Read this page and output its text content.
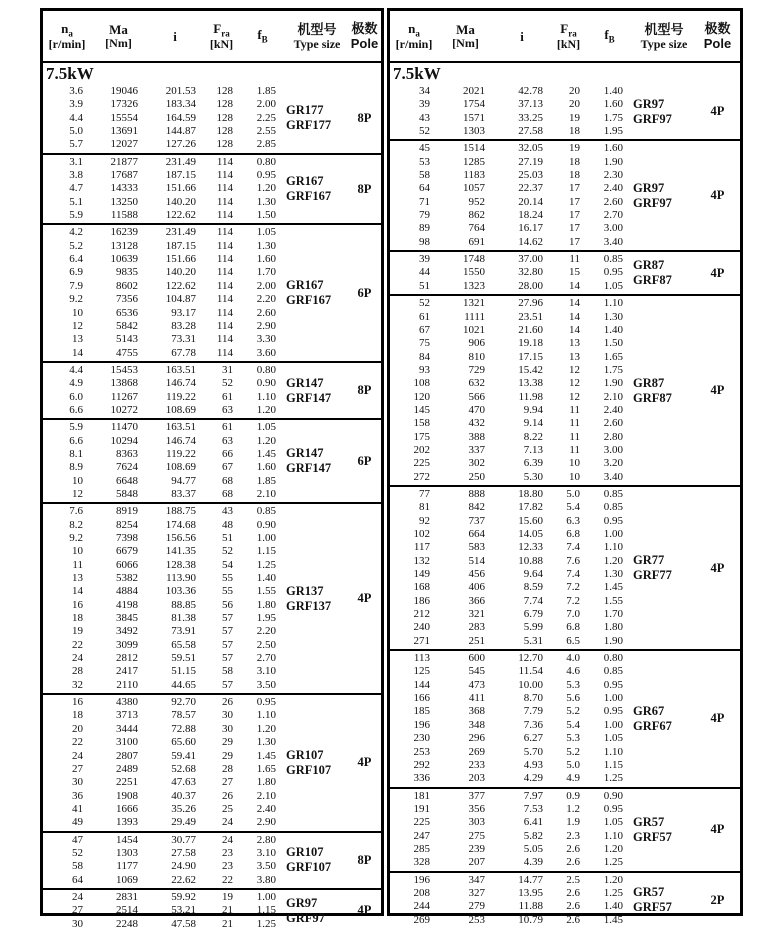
$n_a$
[r/min]
Ma
[Nm]	i
$F_{ra}$
[kN]
$f_B$
机型号
Type size
极数
Pole
7.5kW
3.6	19046	201.53	128	1.85
3.9	17326	183.34	128	2.00
4.4	15554	164.59	128	2.25
5.0	13691	144.87	128	2.55
5.7	12027	127.26	128	2.85
GR177
GRF177
8P
3.1	21877	231.49	114	0.80
3.8	17687	187.15	114	0.95
4.7	14333	151.66	114	1.20
5.1	13250	140.20	114	1.30
5.9	11588	122.62	114	1.50
GR167
GRF167
8P
4.2	16239	231.49	114	1.05
5.2	13128	187.15	114	1.30
6.4	10639	151.66	114	1.60
6.9	9835	140.20	114	1.70
7.9	8602	122.62	114	2.00
9.2	7356	104.87	114	2.20
10	6536	93.17	114	2.60
12	5842	83.28	114	2.90
13	5143	73.31	114	3.30
14	4755	67.78	114	3.60
GR167
GRF167
6P
4.4	15453	163.51	31	0.80
4.9	13868	146.74	52	0.90
6.0	11267	119.22	61	1.10
6.6	10272	108.69	63	1.20
GR147
GRF147
8P
5.9	11470	163.51	61	1.05
6.6	10294	146.74	63	1.20
8.1	8363	119.22	66	1.45
8.9	7624	108.69	67	1.60
10	6648	94.77	68	1.85
12	5848	83.37	68	2.10
GR147
GRF147
6P
7.6	8919	188.75	43	0.85
8.2	8254	174.68	48	0.90
9.2	7398	156.56	51	1.00
10	6679	141.35	52	1.15
11	6066	128.38	54	1.25
13	5382	113.90	55	1.40
14	4884	103.36	55	1.55
16	4198	88.85	56	1.80
18	3845	81.38	57	1.95
19	3492	73.91	57	2.20
22	3099	65.58	57	2.50
24	2812	59.51	57	2.70
28	2417	51.15	58	3.10
32	2110	44.65	57	3.50
GR137
GRF137
4P
16	4380	92.70	26	0.95
18	3713	78.57	30	1.10
20	3444	72.88	30	1.20
22	3100	65.60	29	1.30
24	2807	59.41	29	1.45
27	2489	52.68	28	1.65
30	2251	47.63	27	1.80
36	1908	40.37	26	2.10
41	1666	35.26	25	2.40
49	1393	29.49	24	2.90
GR107
GRF107
4P
47	1454	30.77	24	2.80
52	1303	27.58	23	3.10
58	1177	24.90	23	3.50
64	1069	22.62	22	3.80
GR107
GRF107
8P
24	2831	59.92	19	1.00
27	2514	53.21	21	1.15
30	2248	47.58	21	1.25
GR97
GRF97
4P
$n_a$
[r/min]
Ma
[Nm]	i
$F_{ra}$
[kN]
$f_B$
机型号
Type size
极数
Pole
7.5kW
34	2021	42.78	20	1.40
39	1754	37.13	20	1.60
43	1571	33.25	19	1.75
52	1303	27.58	18	1.95
GR97
GRF97
4P
45	1514	32.05	19	1.60
53	1285	27.19	18	1.90
58	1183	25.03	18	2.30
64	1057	22.37	17	2.40
71	952	20.14	17	2.60
79	862	18.24	17	2.70
89	764	16.17	17	3.00
98	691	14.62	17	3.40
GR97
GRF97
4P
39	1748	37.00	11	0.85
44	1550	32.80	15	0.95
51	1323	28.00	14	1.05
GR87
GRF87
4P
52	1321	27.96	14	1.10
61	1111	23.51	14	1.30
67	1021	21.60	14	1.40
75	906	19.18	13	1.50
84	810	17.15	13	1.65
93	729	15.42	12	1.75
108	632	13.38	12	1.90
120	566	11.98	12	2.10
145	470	9.94	11	2.40
158	432	9.14	11	2.60
175	388	8.22	11	2.80
202	337	7.13	11	3.00
225	302	6.39	10	3.20
272	250	5.30	10	3.40
GR87
GRF87
4P
77	888	18.80	5.0	0.85
81	842	17.82	5.4	0.85
92	737	15.60	6.3	0.95
102	664	14.05	6.8	1.00
117	583	12.33	7.4	1.10
132	514	10.88	7.6	1.20
149	456	9.64	7.4	1.30
168	406	8.59	7.2	1.45
186	366	7.74	7.2	1.55
212	321	6.79	7.0	1.70
240	283	5.99	6.8	1.80
271	251	5.31	6.5	1.90
GR77
GRF77
4P
113	600	12.70	4.0	0.80
125	545	11.54	4.6	0.85
144	473	10.00	5.3	0.95
166	411	8.70	5.6	1.00
185	368	7.79	5.2	0.95
196	348	7.36	5.4	1.00
230	296	6.27	5.3	1.05
253	269	5.70	5.2	1.10
292	233	4.93	5.0	1.15
336	203	4.29	4.9	1.25
GR67
GRF67
4P
181	377	7.97	0.9	0.90
191	356	7.53	1.2	0.95
225	303	6.41	1.9	1.05
247	275	5.82	2.3	1.10
285	239	5.05	2.6	1.20
328	207	4.39	2.6	1.25
GR57
GRF57
4P
196	347	14.77	2.5	1.20
208	327	13.95	2.6	1.25
244	279	11.88	2.6	1.40
269	253	10.79	2.6	1.45
GR57
GRF57
2P
